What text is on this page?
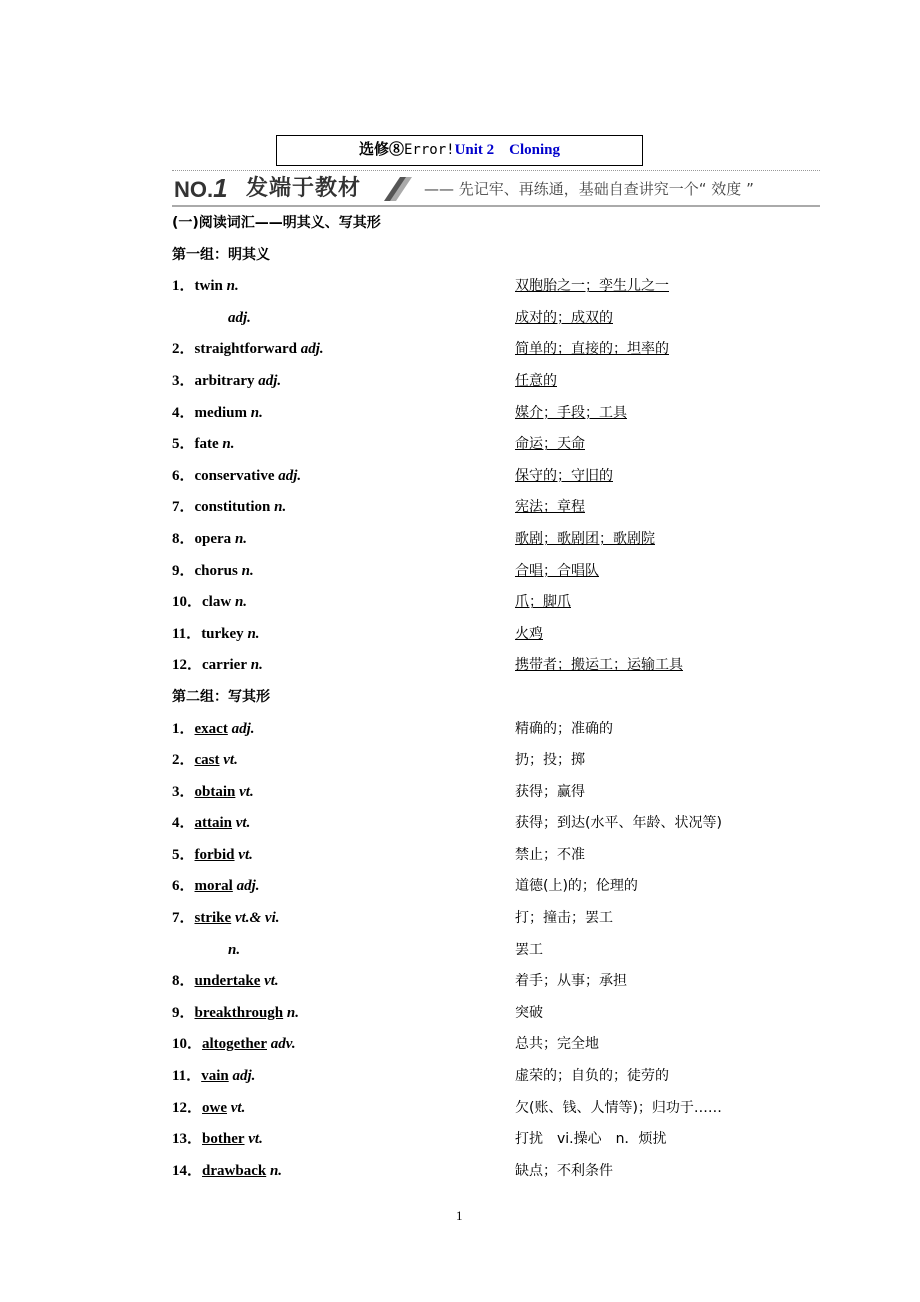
选修⑧Error!Unit 2　Cloning
NO.1 发端于教材	—— 先记牢、再练通，基础自查讲究一个“ 效度 ”
(一)阅读词汇——明其义、写其形
第一组：明其义
1．twin n.	双胞胎之一；孪生儿之一
adj.	成对的；成双的
2．straightforward adj.	简单的；直接的；坦率的
3．arbitrary adj.	任意的
4．medium n.	媒介；手段；工具
5．fate n.	命运；天命
6．conservative adj.	保守的；守旧的
7．constitution n.	宪法；章程
8．opera n.	歌剧；歌剧团；歌剧院
9．chorus n.	合唱；合唱队
10．claw n.	爪；脚爪
11．turkey n.	火鸡
12．carrier n.	携带者；搬运工；运输工具
第二组：写其形
1．exact adj.	精确的；准确的
2．cast vt.	扔；投；掷
3．obtain vt.	获得；赢得
4．attain vt.	获得；到达(水平、年龄、状况等)
5．forbid vt.	禁止；不准
6．moral adj.	道德(上)的；伦理的
7．strike vt.& vi.	打；撞击；罢工
n.	罢工
8．undertake vt.	着手；从事；承担
9．breakthrough n.	突破
10．altogether adv.	总共；完全地
11．vain adj.	虚荣的；自负的；徒劳的
12．owe vt.	欠(账、钱、人情等)；归功于……
13．bother vt.	打扰　vi.操心　n．烦扰
14．drawback n.	缺点；不利条件
1
